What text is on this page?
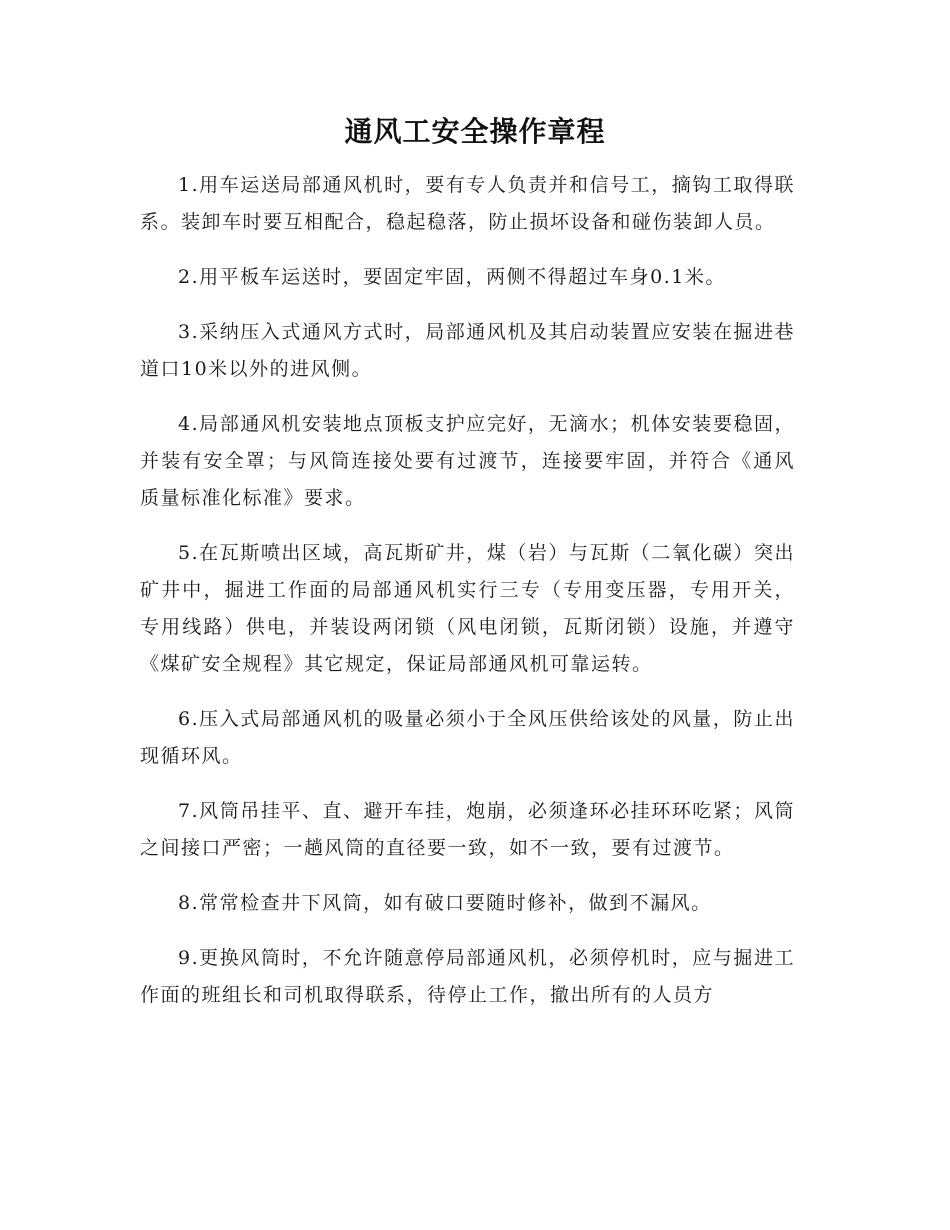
通风工安全操作章程

1.用车运送局部通风机时，要有专人负责并和信号工，摘钩工取得联系。装卸车时要互相配合，稳起稳落，防止损坏设备和碰伤装卸人员。

2.用平板车运送时，要固定牢固，两侧不得超过车身0.1米。

3.采纳压入式通风方式时，局部通风机及其启动装置应安装在掘进巷道口10米以外的进风侧。

4.局部通风机安装地点顶板支护应完好，无滴水；机体安装要稳固，并装有安全罩；与风筒连接处要有过渡节，连接要牢固，并符合《通风质量标准化标准》要求。

5.在瓦斯喷出区域，高瓦斯矿井，煤（岩）与瓦斯（二氧化碳）突出矿井中，掘进工作面的局部通风机实行三专（专用变压器，专用开关，专用线路）供电，并装设两闭锁（风电闭锁，瓦斯闭锁）设施，并遵守《煤矿安全规程》其它规定，保证局部通风机可靠运转。

6.压入式局部通风机的吸量必须小于全风压供给该处的风量，防止出现循环风。

7.风筒吊挂平、直、避开车挂，炮崩，必须逢环必挂环环吃紧；风筒之间接口严密；一趟风筒的直径要一致，如不一致，要有过渡节。

8.常常检查井下风筒，如有破口要随时修补，做到不漏风。

9.更换风筒时，不允许随意停局部通风机，必须停机时，应与掘进工作面的班组长和司机取得联系，待停止工作，撤出所有的人员方
